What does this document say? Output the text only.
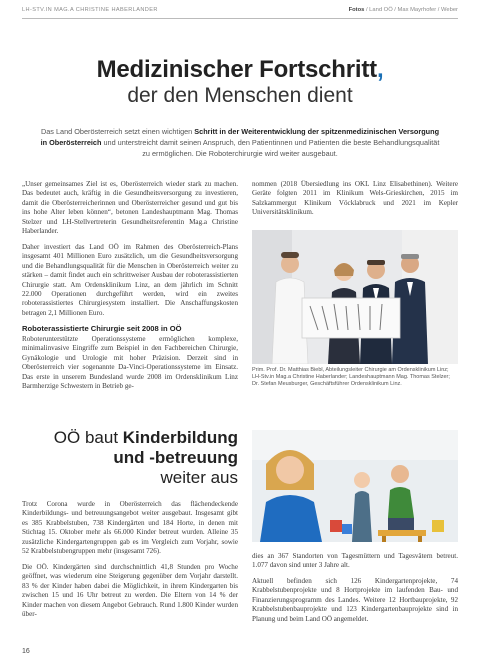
LH-STV.IN MAG.A CHRISTINE HABERLANDER	Fotos / Land OÖ / Max Mayrhofer / Weber
Medizinischer Fortschritt,
der den Menschen dient
Das Land Oberösterreich setzt einen wichtigen Schritt in der Weiterentwicklung der spitzenmedizinischen Versorgung in Oberösterreich und unterstreicht damit seinen Anspruch, den Patientinnen und Patienten die beste Behandlungsqualität zu ermöglichen. Die Roboterchirurgie wird weiter ausgebaut.

„Unser gemeinsames Ziel ist es, Oberösterreich wieder stark zu machen. Das bedeutet auch, kräftig in die Gesundheitsversorgung zu investieren, damit die Oberösterreicherinnen und Oberösterreicher gesund und gut bis ins hohe Alter leben können“, betonen Landeshauptmann Mag. Thomas Stelzer und LH-Stellvertreterin Gesundheitsreferentin Mag.a Christine Haberlander.

Daher investiert das Land OÖ im Rahmen des Oberösterreich-Plans insgesamt 401 Millionen Euro zusätzlich, um die Gesundheitsversorgung und die Behandlungsqualität für die Menschen in Oberösterreich weiter zu stärken – damit findet auch ein schrittweiser Ausbau der roboterassistierten Chirurgie statt. Am Ordensklinikum Linz, an dem jährlich im Schnitt 22.000 Operationen durchgeführt werden, wird ein zweites roboterassistiertes Chirurgiesystem installiert. Die Anschaffungskosten betragen 2,1 Millionen Euro.

Roboterassistierte Chirurgie seit 2008 in OÖ

Roboterunterstützte Operationssysteme ermöglichen komplexe, minimalinvasive Eingriffe zum Beispiel in den Fachbereichen Chirurgie, Gynäkologie und Urologie mit hoher Präzision. Derzeit sind in Oberösterreich vier sogenannte Da-Vinci-Operationssysteme im Einsatz. Das erste in unserem Bundesland wurde 2008 im Ordensklinikum Linz Barmherzige Schwestern in Betrieb ge-

nommen (2018 Übersiedlung ins OKL Linz Elisabethinen). Weitere Geräte folgten 2011 im Klinikum Wels-Grieskirchen, 2015 im Salzkammergut Klinikum Vöcklabruck und 2021 im Kepler Universitätsklinikum.

Prim. Prof. Dr. Matthias Biebl, Abteilungsleiter Chirurgie am Ordensklinikum Linz; LH-Stv.in Mag.a Christine Haberlander; Landeshauptmann Mag. Thomas Stelzer; Dr. Stefan Meusburger, Geschäftsführer Ordensklinikum Linz.
OÖ baut Kinderbildung
und -betreuung
weiter aus

Trotz Corona wurde in Oberösterreich das flächendeckende Kinderbildungs- und betreuungsangebot weiter ausgebaut. Insgesamt gibt es 385 Krabbelstuben, 738 Kindergärten und 184 Horte, in denen mit Stichtag 15. Oktober mehr als 66.000 Kinder betreut wurden. Alleine 35 zusätzliche Kindergartengruppen gab es im Vergleich zum Vorjahr, sowie 52 Krabbelstubengruppen mehr (insgesamt 726).

Die OÖ. Kindergärten sind durchschnittlich 41,8 Stunden pro Woche geöffnet, was wiederum eine Steigerung gegenüber dem Vorjahr darstellt. 83 % der Kinder haben dabei die Möglichkeit, in ihrem Kindergarten bis zwischen 15 und 16 Uhr betreut zu werden. Die Eltern von 14 % der Kinder machen von diesem Angebot Gebrauch. Rund 1.800 Kinder wurden über-

dies an 367 Standorten von Tagesmüttern und Tagesvätern betreut. 1.077 davon sind unter 3 Jahre alt.

Aktuell befinden sich 126 Kindergartenprojekte, 74 Krabbelstubenprojekte und 8 Hortprojekte im laufenden Bau- und Finanzierungsprogramm des Landes. Weitere 12 Hortbauprojekte, 92 Krabbelstubenbauprojekte und 123 Kindergartenbauprojekte sind in Planung und beim Land OÖ angemeldet.

16
